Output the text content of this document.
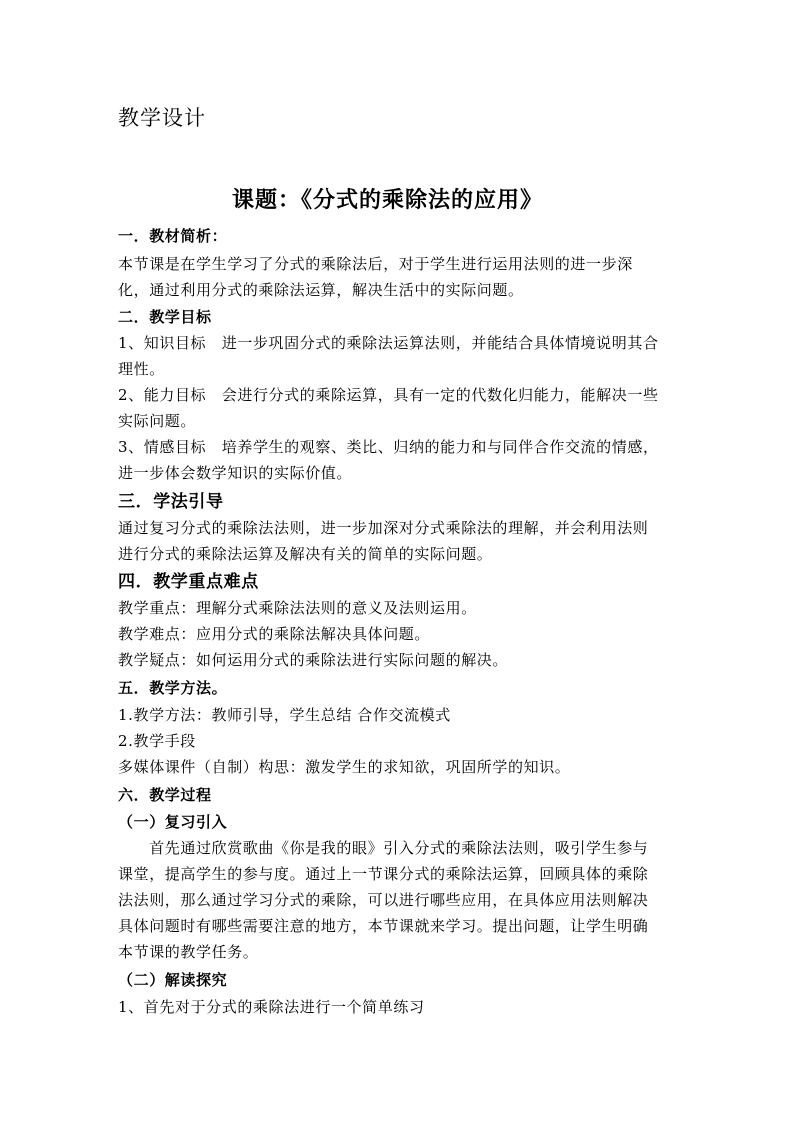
教学设计
课题：《分式的乘除法的应用》
一．教材简析：
本节课是在学生学习了分式的乘除法后，对于学生进行运用法则的进一步深
化，通过利用分式的乘除法运算，解决生活中的实际问题。
二．教学目标
1、知识目标　进一步巩固分式的乘除法运算法则，并能结合具体情境说明其合
理性。
2、能力目标　会进行分式的乘除运算，具有一定的代数化归能力，能解决一些
实际问题。
3、情感目标　培养学生的观察、类比、归纳的能力和与同伴合作交流的情感，
进一步体会数学知识的实际价值。
三．学法引导
通过复习分式的乘除法法则，进一步加深对分式乘除法的理解，并会利用法则
进行分式的乘除法运算及解决有关的简单的实际问题。
四．教学重点难点
教学重点：理解分式乘除法法则的意义及法则运用。
教学难点：应用分式的乘除法解决具体问题。
教学疑点：如何运用分式的乘除法进行实际问题的解决。
五．教学方法。
1.教学方法：教师引导，学生总结 合作交流模式
2.教学手段
多媒体课件（自制）构思：激发学生的求知欲，巩固所学的知识。
六．教学过程
（一）复习引入
　　首先通过欣赏歌曲《你是我的眼》引入分式的乘除法法则，吸引学生参与
课堂，提高学生的参与度。通过上一节课分式的乘除法运算，回顾具体的乘除
法法则，那么通过学习分式的乘除，可以进行哪些应用，在具体应用法则解决
具体问题时有哪些需要注意的地方，本节课就来学习。提出问题，让学生明确
本节课的教学任务。
（二）解读探究
1、首先对于分式的乘除法进行一个简单练习
